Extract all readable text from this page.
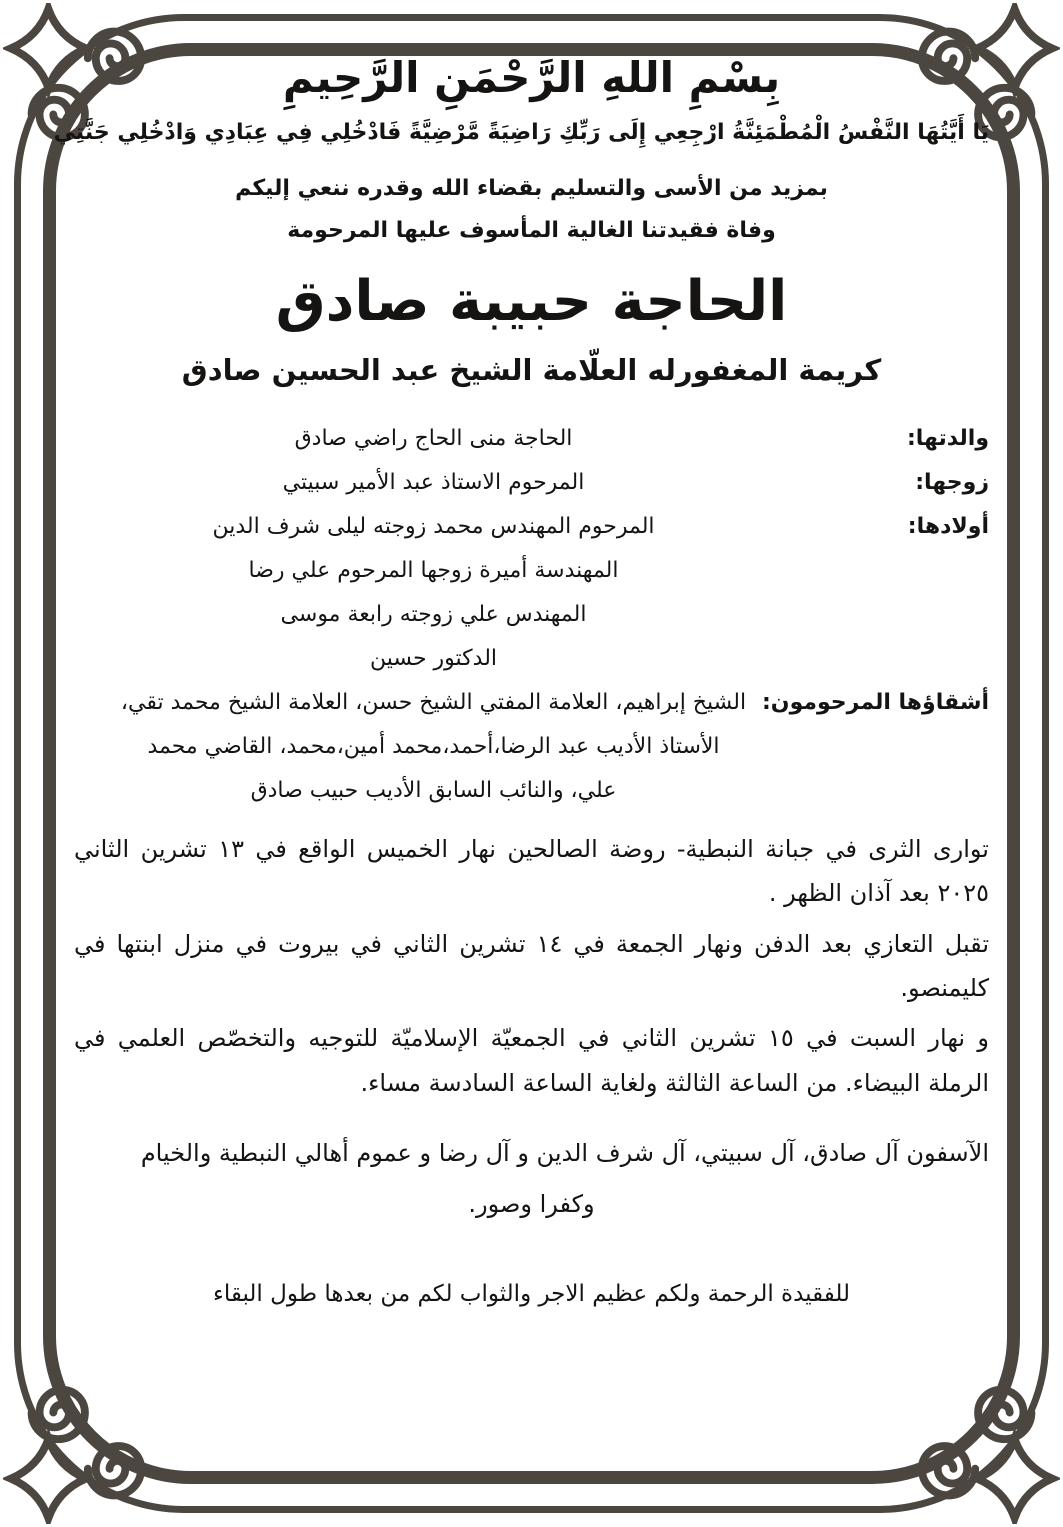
بِسْمِ اللهِ الرَّحْمَنِ الرَّحِيمِ
يَا أَيَّتُهَا النَّفْسُ الْمُطْمَئِنَّةُ ارْجِعِي إِلَى رَبِّكِ رَاضِيَةً مَّرْضِيَّةً فَادْخُلِي فِي عِبَادِي وَادْخُلِي جَنَّتِي
بمزيد من الأسى والتسليم بقضاء الله وقدره ننعي إليكم
وفاة فقيدتنا الغالية المأسوف عليها المرحومة
الحاجة حبيبة صادق
كريمة المغفورله العلّامة الشيخ عبد الحسين صادق
والدتها:
الحاجة منى الحاج راضي صادق
زوجها:
المرحوم الاستاذ عبد الأمير سبيتي
أولادها:
المرحوم المهندس محمد زوجته ليلى شرف الدين
المهندسة أميرة زوجها المرحوم علي رضا
المهندس علي زوجته رابعة موسى
الدكتور حسين
أشقاؤها المرحومون:
الشيخ إبراهيم، العلامة المفتي الشيخ حسن، العلامة الشيخ محمد تقي،
الأستاذ الأديب عبد الرضا،أحمد،محمد أمين،محمد، القاضي محمد
علي، والنائب السابق الأديب حبيب صادق
توارى الثرى في جبانة النبطية- روضة الصالحين نهار الخميس الواقع في ١٣ تشرين الثاني ٢٠٢٥ بعد آذان الظهر .
تقبل التعازي بعد الدفن ونهار الجمعة في ١٤ تشرين الثاني في بيروت في منزل ابنتها في كليمنصو.
و نهار السبت في ١٥ تشرين الثاني في الجمعيّة الإسلاميّة للتوجيه والتخصّص العلمي في الرملة البيضاء. من الساعة الثالثة ولغاية الساعة السادسة مساء.
الآسفون آل صادق، آل سبيتي، آل شرف الدين و آل رضا و عموم أهالي النبطية والخيام
وكفرا وصور.
للفقيدة الرحمة ولكم عظيم الاجر والثواب لكم من بعدها طول البقاء
